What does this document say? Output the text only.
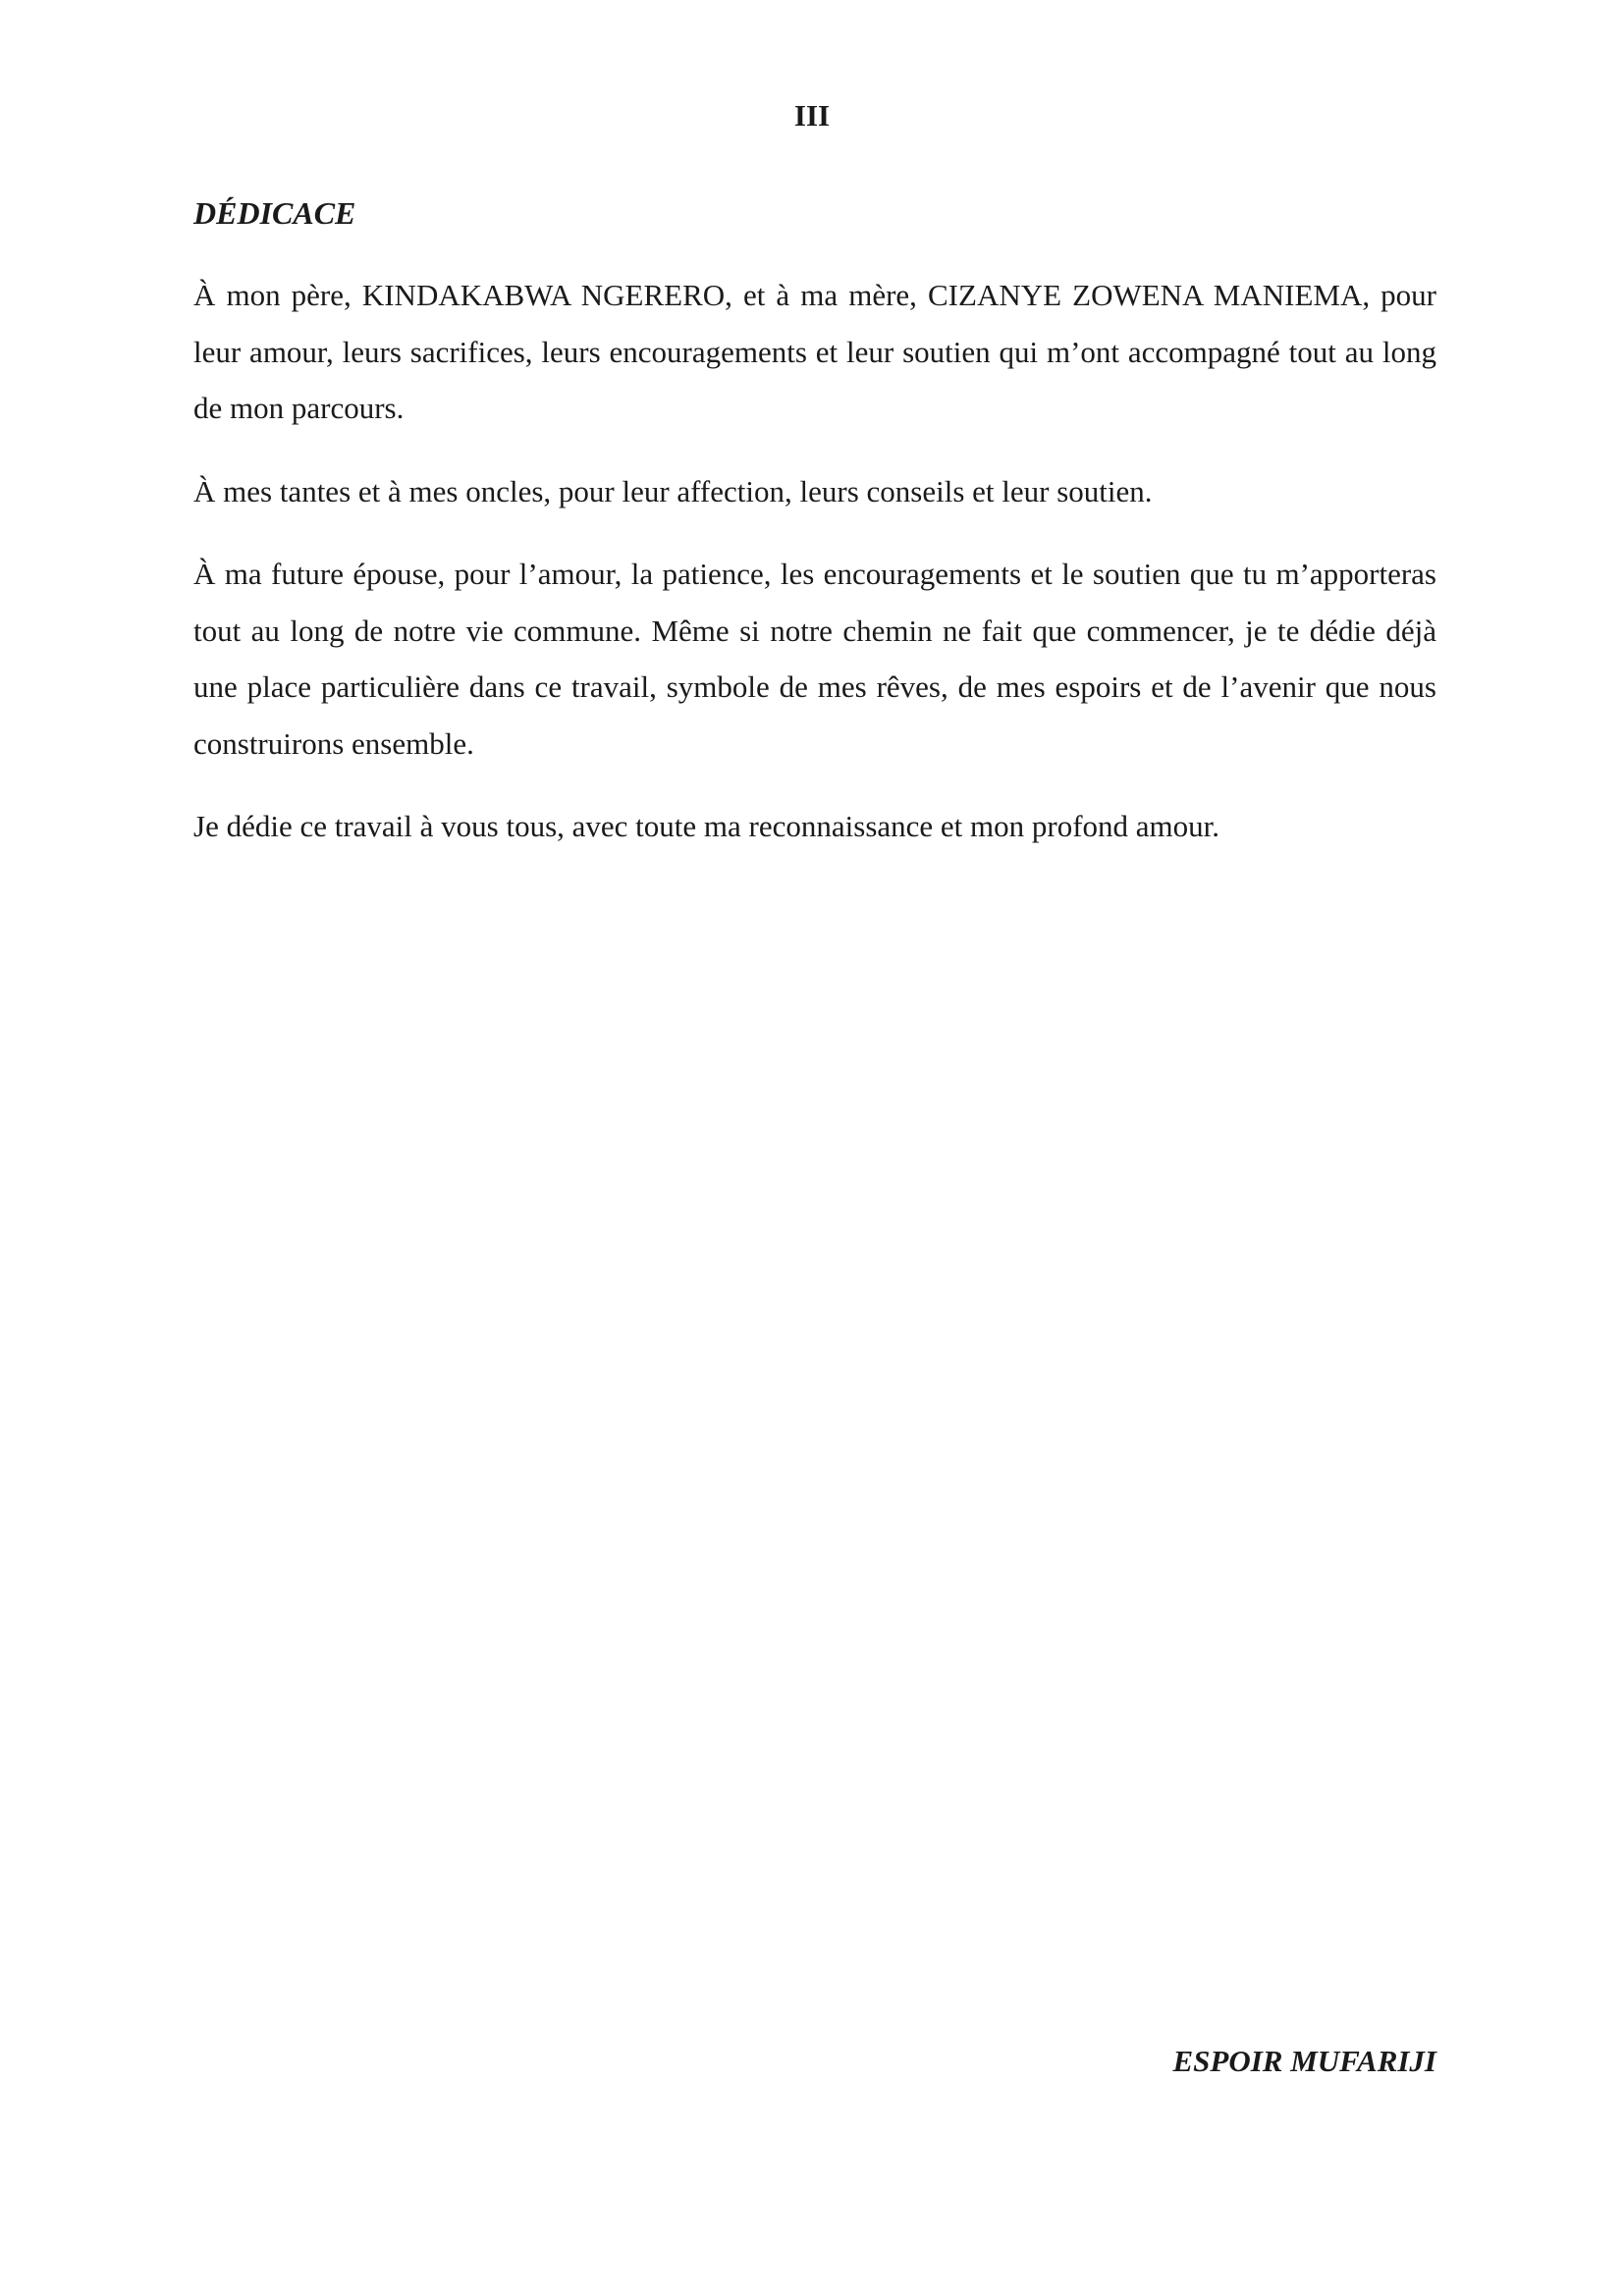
III
DÉDICACE

À mon père, KINDAKABWA NGERERO, et à ma mère, CIZANYE ZOWENA MANIEMA, pour leur amour, leurs sacrifices, leurs encouragements et leur soutien qui m’ont accompagné tout au long de mon parcours.

À mes tantes et à mes oncles, pour leur affection, leurs conseils et leur soutien.

À ma future épouse, pour l’amour, la patience, les encouragements et le soutien que tu m’apporteras tout au long de notre vie commune. Même si notre chemin ne fait que commencer, je te dédie déjà une place particulière dans ce travail, symbole de mes rêves, de mes espoirs et de l’avenir que nous construirons ensemble.

Je dédie ce travail à vous tous, avec toute ma reconnaissance et mon profond amour.

ESPOIR MUFARIJI
